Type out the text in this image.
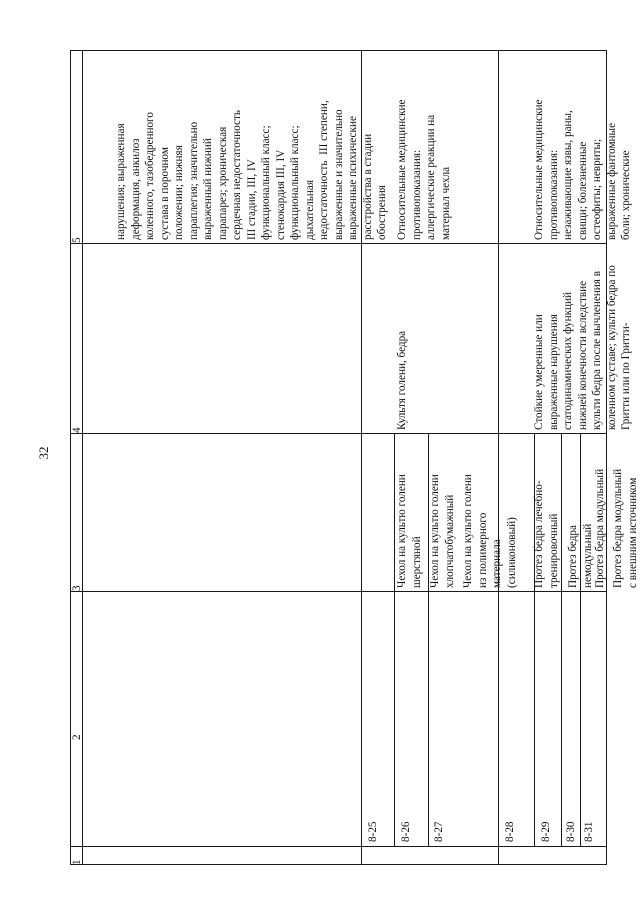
32
1
2
3
4
5

нарушения; выраженная деформация, анкилоз коленного, тазобедренного сустава в порочном положении; нижняя параплегия; значительно выраженный нижний парапарез; хроническая сердечная недостаточность III стадии, III, IV функциональный класс; стенокардия III, IV функциональный класс; дыхательная недостаточность  III степени, выраженные и значительно выраженные психические расстройства в стадии обострения

Культя голени, бедра

Относительные медицинские противопоказания: аллергические реакции на материал чехла

8-25

Чехол на культю голени шерстяной

8-26

Чехол на культю голени хлопчатобумажный

8-27

Чехол на культю голени из полимерного материала (силиконовый)

Стойкие умеренные или выраженные нарушения статодинамических функций нижней конечности вследствие культи бедра после вычленения в коленном суставе; культи бедра по Гритти или по Гритти-

Относительные медицинские противопоказания: незаживающие язвы, раны, свищи; болезненные остеофиты; невриты; выраженные фантомные боли; хронические

8-28

Протез бедра лечебно- тренировочный

8-29

Протез бедра немодульный

8-30

Протез бедра модульный

8-31

Протез бедра модульный с внешним источником
